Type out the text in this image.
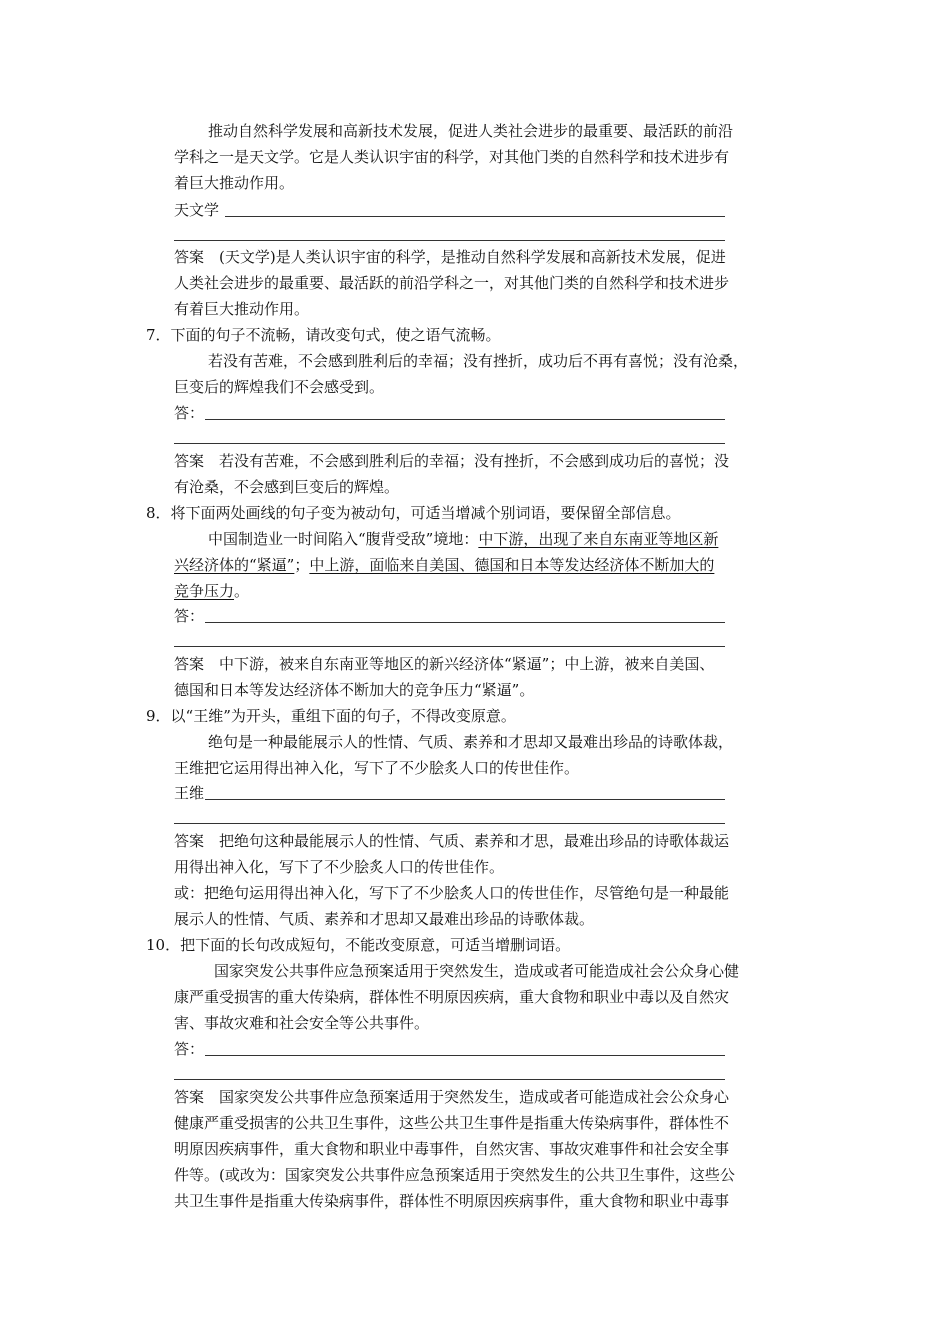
推动自然科学发展和高新技术发展，促进人类社会进步的最重要、最活跃的前沿
学科之一是天文学。它是人类认识宇宙的科学，对其他门类的自然科学和技术进步有
着巨大推动作用。
天文学
答案　(天文学)是人类认识宇宙的科学，是推动自然科学发展和高新技术发展，促进
人类社会进步的最重要、最活跃的前沿学科之一，对其他门类的自然科学和技术进步
有着巨大推动作用。
7．下面的句子不流畅，请改变句式，使之语气流畅。
若没有苦难，不会感到胜利后的幸福；没有挫折，成功后不再有喜悦；没有沧桑，
巨变后的辉煌我们不会感受到。
答：
答案　若没有苦难，不会感到胜利后的幸福；没有挫折，不会感到成功后的喜悦；没
有沧桑，不会感到巨变后的辉煌。
8．将下面两处画线的句子变为被动句，可适当增减个别词语，要保留全部信息。
中国制造业一时间陷入“腹背受敌”境地：中下游，出现了来自东南亚等地区新
兴经济体的“紧逼”；中上游，面临来自美国、德国和日本等发达经济体不断加大的
竞争压力。
答：
答案　中下游，被来自东南亚等地区的新兴经济体“紧逼”；中上游，被来自美国、
德国和日本等发达经济体不断加大的竞争压力“紧逼”。
9．以“王维”为开头，重组下面的句子，不得改变原意。
绝句是一种最能展示人的性情、气质、素养和才思却又最难出珍品的诗歌体裁，
王维把它运用得出神入化，写下了不少脍炙人口的传世佳作。
王维
答案　把绝句这种最能展示人的性情、气质、素养和才思，最难出珍品的诗歌体裁运
用得出神入化，写下了不少脍炙人口的传世佳作。
或：把绝句运用得出神入化，写下了不少脍炙人口的传世佳作，尽管绝句是一种最能
展示人的性情、气质、素养和才思却又最难出珍品的诗歌体裁。
10．把下面的长句改成短句，不能改变原意，可适当增删词语。
国家突发公共事件应急预案适用于突然发生，造成或者可能造成社会公众身心健
康严重受损害的重大传染病，群体性不明原因疾病，重大食物和职业中毒以及自然灾
害、事故灾难和社会安全等公共事件。
答：
答案　国家突发公共事件应急预案适用于突然发生，造成或者可能造成社会公众身心
健康严重受损害的公共卫生事件，这些公共卫生事件是指重大传染病事件，群体性不
明原因疾病事件，重大食物和职业中毒事件，自然灾害、事故灾难事件和社会安全事
件等。(或改为：国家突发公共事件应急预案适用于突然发生的公共卫生事件，这些公
共卫生事件是指重大传染病事件，群体性不明原因疾病事件，重大食物和职业中毒事
